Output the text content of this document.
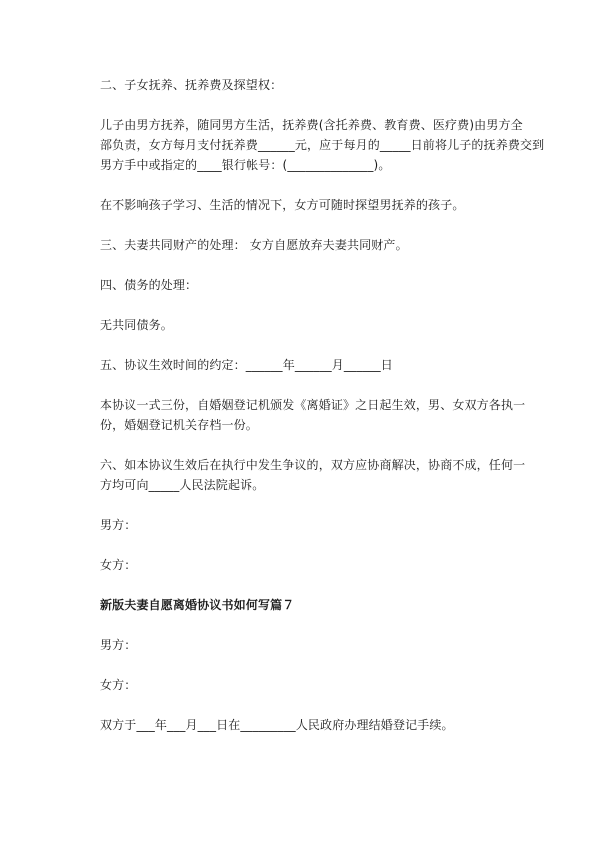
二、子女抚养、抚养费及探望权：
儿子由男方抚养，随同男方生活，抚养费(含托养费、教育费、医疗费)由男方全
部负责，女方每月支付抚养费______元，应于每月的_____日前将儿子的抚养费交到
男方手中或指定的____银行帐号：(______________)。
在不影响孩子学习、生活的情况下，女方可随时探望男抚养的孩子。
三、夫妻共同财产的处理： 女方自愿放弃夫妻共同财产。
四、债务的处理：
无共同债务。
五、协议生效时间的约定：______年______月______日
本协议一式三份，自婚姻登记机颁发《离婚证》之日起生效，男、女双方各执一
份，婚姻登记机关存档一份。
六、如本协议生效后在执行中发生争议的，双方应协商解决，协商不成，任何一
方均可向_____人民法院起诉。
男方：
女方：
新版夫妻自愿离婚协议书如何写篇７
男方：
女方：
双方于___年___月___日在_________人民政府办理结婚登记手续。
